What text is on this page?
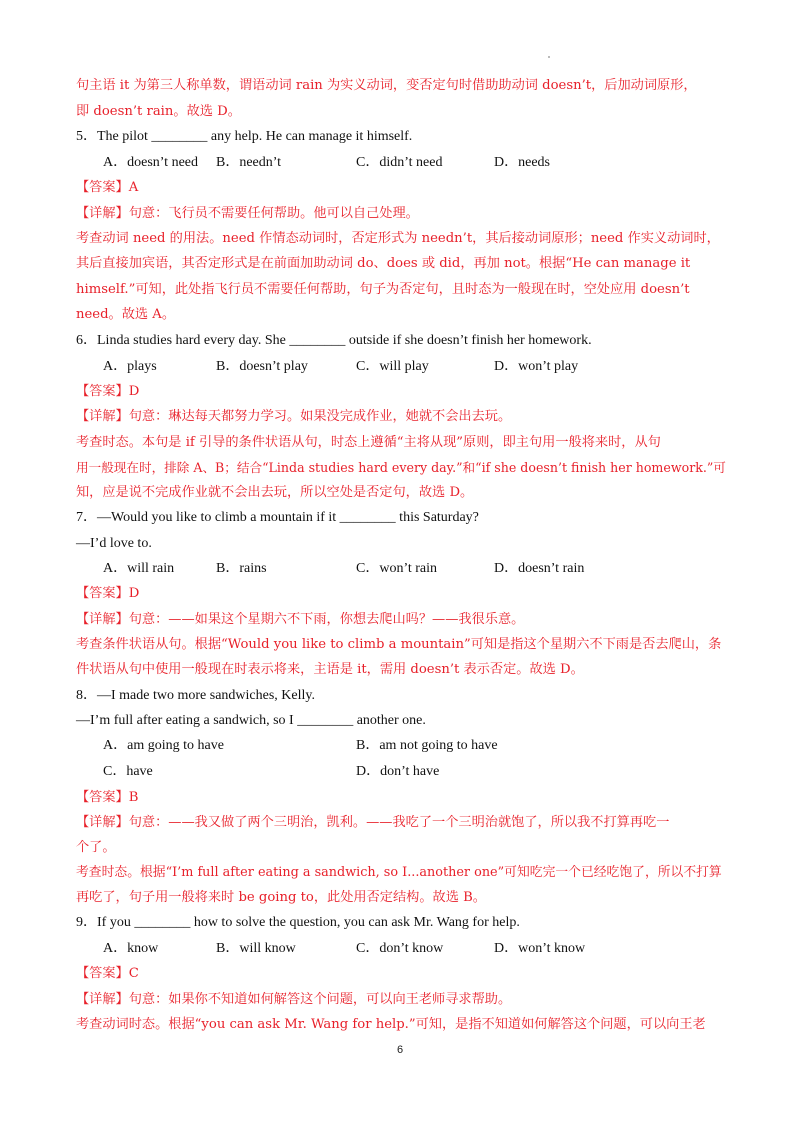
句主语 it 为第三人称单数，谓语动词 rain 为实义动词，变否定句时借助助动词 doesn’t，后加动词原形，
即 doesn’t rain。故选 D。
5．The pilot ________ any help. He can manage it himself.
A．doesn’t need B．needn’t	C．didn’t need	D．needs
【答案】A
【详解】句意：飞行员不需要任何帮助。他可以自己处理。
考查动词 need 的用法。need 作情态动词时，否定形式为 needn’t，其后接动词原形；need 作实义动词时，
其后直接加宾语，其否定形式是在前面加助动词 do、does 或 did，再加 not。根据“He can manage it
himself.”可知，此处指飞行员不需要任何帮助，句子为否定句，且时态为一般现在时，空处应用 doesn’t
need。故选 A。
6．Linda studies hard every day. She ________ outside if she doesn’t finish her homework.
A．plays	B．doesn’t play	C．will play	D．won’t play
【答案】D
【详解】句意：琳达每天都努力学习。如果没完成作业，她就不会出去玩。
考查时态。本句是 if 引导的条件状语从句，时态上遵循“主将从现”原则，即主句用一般将来时，从句
用一般现在时，排除 A、B；结合“Linda studies hard every day.”和“if she doesn’t finish her homework.”可
知，应是说不完成作业就不会出去玩，所以空处是否定句，故选 D。
7．—Would you like to climb a mountain if it ________ this Saturday?
—I’d love to.
A．will rain	B．rains	C．won’t rain	D．doesn’t rain
【答案】D
【详解】句意：——如果这个星期六不下雨，你想去爬山吗？——我很乐意。
考查条件状语从句。根据“Would you like to climb a mountain”可知是指这个星期六不下雨是否去爬山，条
件状语从句中使用一般现在时表示将来，主语是 it，需用 doesn’t 表示否定。故选 D。
8．—I made two more sandwiches, Kelly.
—I’m full after eating a sandwich, so I ________ another one.
A．am going to have	B．am not going to have
C．have	D．don’t have
【答案】B
【详解】句意：——我又做了两个三明治，凯利。——我吃了一个三明治就饱了，所以我不打算再吃一
个了。
考查时态。根据“I’m full after eating a sandwich, so I...another one”可知吃完一个已经吃饱了，所以不打算
再吃了，句子用一般将来时 be going to，此处用否定结构。故选 B。
9．If you ________ how to solve the question, you can ask Mr. Wang for help.
A．know	B．will know	C．don’t know	D．won’t know
【答案】C
【详解】句意：如果你不知道如何解答这个问题，可以向王老师寻求帮助。
考查动词时态。根据“you can ask Mr. Wang for help.”可知，是指不知道如何解答这个问题，可以向王老
6
